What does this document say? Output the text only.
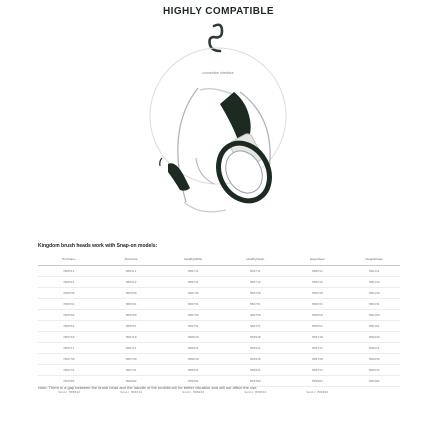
HIGHLY COMPATIBLE
connection interface
Kingdom brush heads work with Snap-on models:
Pro/Care+	Flex/Care	HealthyWhite	HealthyClean	EasyClean	Clean&Clean
HX6511	HX6511	HX6711	HX6711	HX6511	HX6111
HX6511	HX6512	HX6711	HX6712	HX6512	HX6112
HX6530	HX6530	HX6730	HX6730	HX6530	HX6130
HX6531	HX6531	HX6731	HX6731	HX6531	HX6131
HX6550	HX6550	HX6750	HX6750	HX6550	HX6150
HX6551	HX6551	HX6751	HX6751	HX6551	HX6151
HX6710	HX6710	HX6910	HX6910	HX6710	HX6210
HX6711	HX6711	HX6911	HX6911	HX6711	HX6211
HX6730	HX6730	HX6930	HX6930	HX6730	HX6230
HX6731	HX6731	HX6931	HX6931	HX6731	HX6231
HX6902	HX6902	HX9302	HX9302	HX6902	HX6302
Sonic HX6512	Sonic HX6712	Sonic HX6912	Sonic HX9312	Sonic HX6912	
Note: There is a gap between the brush head and the handle of the toothbrush for better vibration and will not affect the use.
